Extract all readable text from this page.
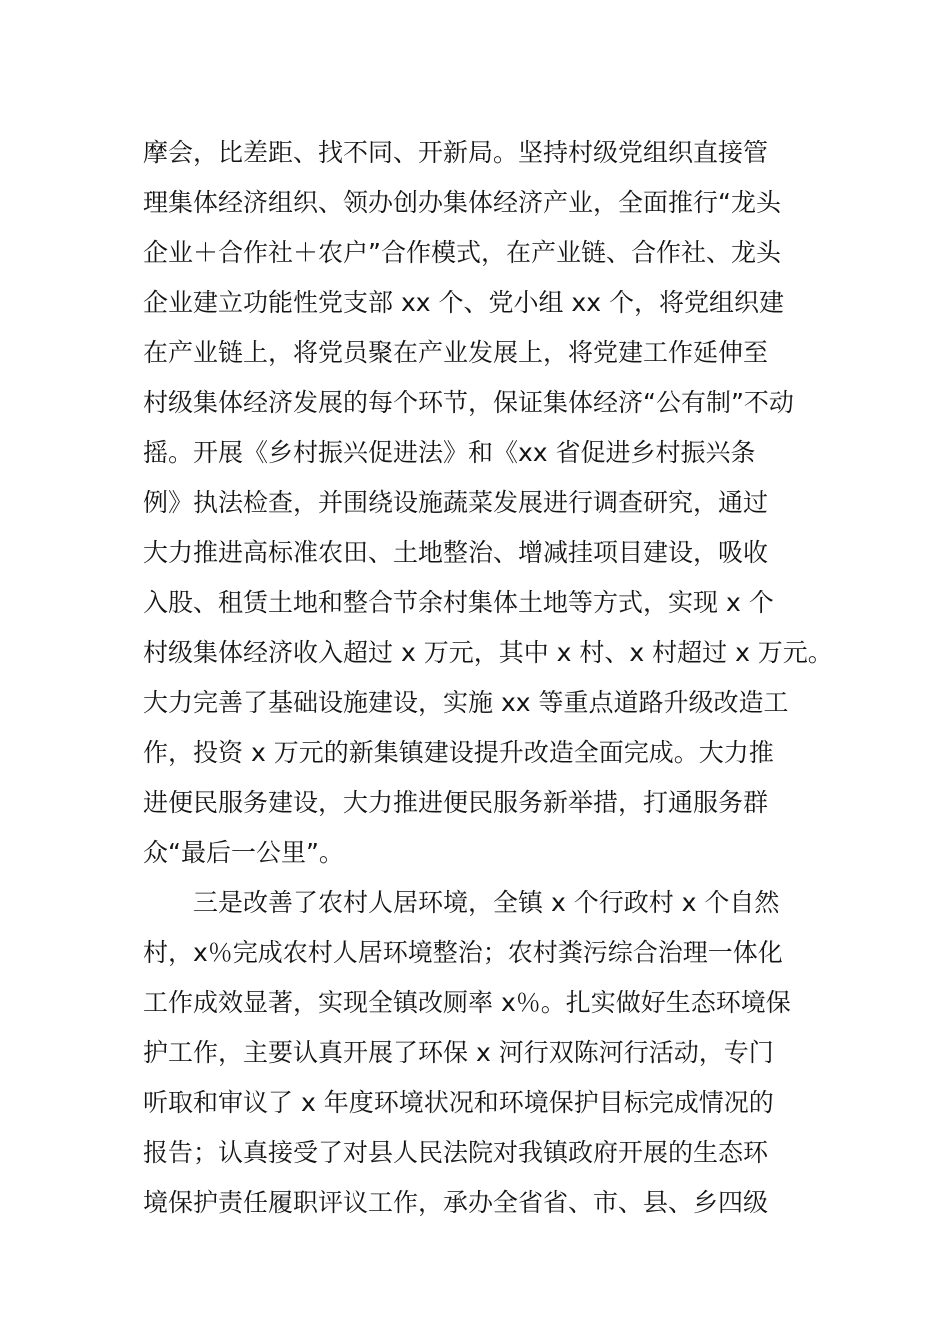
摩会，比差距、找不同、开新局。坚持村级党组织直接管
理集体经济组织、领办创办集体经济产业，全面推行“龙头
企业＋合作社＋农户”合作模式，在产业链、合作社、龙头
企业建立功能性党支部 xx 个、党小组 xx 个，将党组织建
在产业链上，将党员聚在产业发展上，将党建工作延伸至
村级集体经济发展的每个环节，保证集体经济“公有制”不动
摇。开展《乡村振兴促进法》和《xx 省促进乡村振兴条
例》执法检查，并围绕设施蔬菜发展进行调查研究，通过
大力推进高标准农田、土地整治、增减挂项目建设，吸收
入股、租赁土地和整合节余村集体土地等方式，实现 x 个
村级集体经济收入超过 x 万元，其中 x 村、x 村超过 x 万元。
大力完善了基础设施建设，实施 xx 等重点道路升级改造工
作，投资 x 万元的新集镇建设提升改造全面完成。大力推
进便民服务建设，大力推进便民服务新举措，打通服务群
众“最后一公里”。
三是改善了农村人居环境，全镇 x 个行政村 x 个自然
村，x％完成农村人居环境整治；农村粪污综合治理一体化
工作成效显著，实现全镇改厕率 x％。扎实做好生态环境保
护工作，主要认真开展了环保 x 河行双陈河行活动，专门
听取和审议了 x 年度环境状况和环境保护目标完成情况的
报告；认真接受了对县人民法院对我镇政府开展的生态环
境保护责任履职评议工作，承办全省省、市、县、乡四级
